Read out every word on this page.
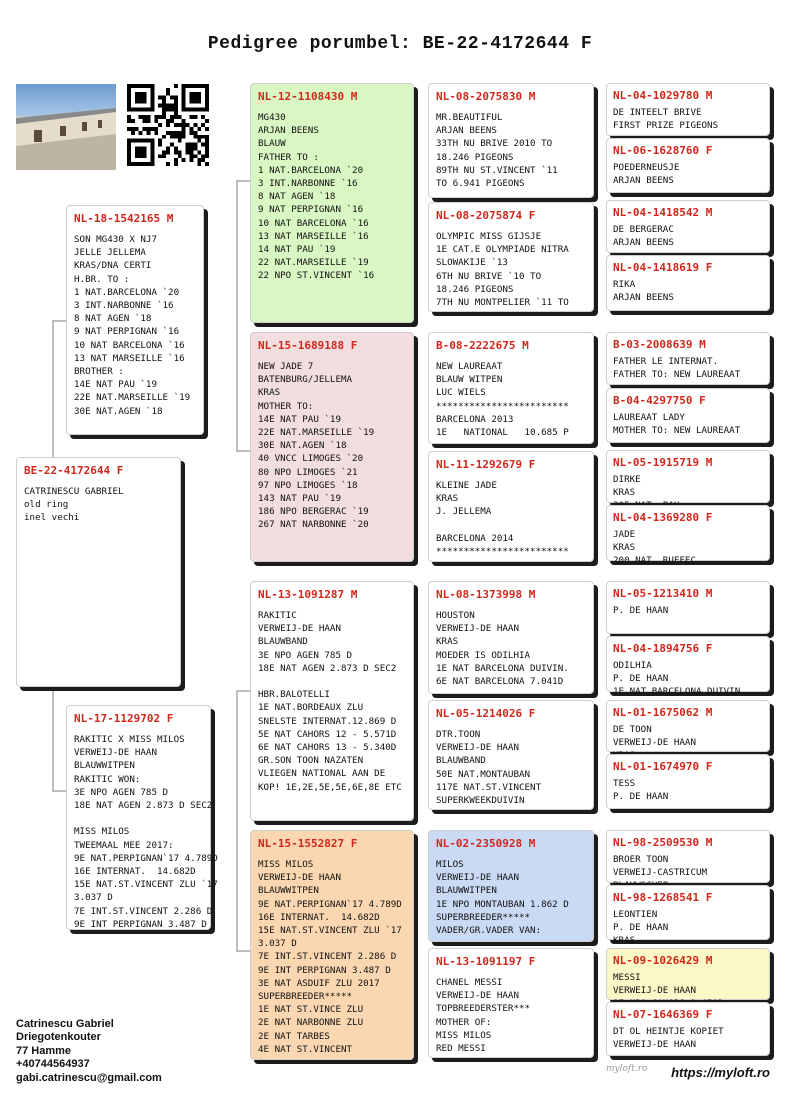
Pedigree porumbel: BE-22-4172644 F
BE-22-4172644 F
CATRINESCU GABRIEL
old ring
inel vechi
NL-18-1542165 M
SON MG430 X NJ7
JELLE JELLEMA
KRAS/DNA CERTI
H.BR. TO :
1 NAT.BARCELONA `20
3 INT.NARBONNE `16
8 NAT AGEN `18
9 NAT PERPIGNAN `16
10 NAT BARCELONA `16
13 NAT MARSEILLE `16
BROTHER :
14E NAT PAU `19
22E NAT.MARSEILLE `19
30E NAT.AGEN `18
NL-17-1129702 F
RAKITIC X MISS MILOS
VERWEIJ-DE HAAN
BLAUWWITPEN
RAKITIC WON:
3E NPO AGEN 785 D
18E NAT AGEN 2.873 D SEC2

MISS MILOS
TWEEMAAL MEE 2017:
9E NAT.PERPIGNAN`17 4.789D
16E INTERNAT.  14.682D
15E NAT.ST.VINCENT ZLU `17
3.037 D
7E INT.ST.VINCENT 2.286 D
9E INT PERPIGNAN 3.487 D
NL-12-1108430 M
MG430
ARJAN BEENS
BLAUW
FATHER TO :
1 NAT.BARCELONA `20
3 INT.NARBONNE `16
8 NAT AGEN `18
9 NAT PERPIGNAN `16
10 NAT BARCELONA `16
13 NAT MARSEILLE `16
14 NAT PAU `19
22 NAT.MARSEILLE `19
22 NPO ST.VINCENT `16
NL-15-1689188 F
NEW JADE 7
BATENBURG/JELLEMA
KRAS
MOTHER TO:
14E NAT PAU `19
22E NAT.MARSEILLE `19
30E NAT.AGEN `18
40 VNCC LIMOGES `20
80 NPO LIMOGES `21
97 NPO LIMOGES `18
143 NAT PAU `19
186 NPO BERGERAC `19
267 NAT NARBONNE `20
NL-13-1091287 M
RAKITIC
VERWEIJ-DE HAAN
BLAUWBAND
3E NPO AGEN 785 D
18E NAT AGEN 2.873 D SEC2

HBR.BALOTELLI
1E NAT.BORDEAUX ZLU
SNELSTE INTERNAT.12.869 D
5E NAT CAHORS 12 - 5.571D
6E NAT CAHORS 13 - 5.340D
GR.SON TOON NAZATEN
VLIEGEN NATIONAL AAN DE
KOP! 1E,2E,5E,5E,6E,8E ETC
NL-15-1552827 F
MISS MILOS
VERWEIJ-DE HAAN
BLAUWWITPEN
9E NAT.PERPIGNAN`17 4.789D
16E INTERNAT.  14.682D
15E NAT.ST.VINCENT ZLU `17
3.037 D
7E INT.ST.VINCENT 2.286 D
9E INT PERPIGNAN 3.487 D
3E NAT ASDUIF ZLU 2017
SUPERBREEDER*****
1E NAT ST.VINCE ZLU
2E NAT NARBONNE ZLU
2E NAT TARBES
4E NAT ST.VINCENT
NL-08-2075830 M
MR.BEAUTIFUL
ARJAN BEENS
33TH NU BRIVE 2010 TO
18.246 PIGEONS
89TH NU ST.VINCENT `11
TO 6.941 PIGEONS
NL-08-2075874 F
OLYMPIC MISS GIJSJE
1E CAT.E OLYMPIADE NITRA
SLOWAKIJE `13
6TH NU BRIVE `10 TO
18.246 PIGEONS
7TH NU MONTPELIER `11 TO
B-08-2222675 M
NEW LAUREAAT
BLAUW WITPEN
LUC WIELS
************************
BARCELONA 2013
1E   NATIONAL   10.685 P
NL-11-1292679 F
KLEINE JADE
KRAS
J. JELLEMA

BARCELONA 2014
************************
NL-08-1373998 M
HOUSTON
VERWEIJ-DE HAAN
KRAS
MOEDER IS ODILHIA
1E NAT BARCELONA DUIVIN.
6E NAT BARCELONA 7.041D
NL-05-1214026 F
DTR.TOON
VERWEIJ-DE HAAN
BLAUWBAND
50E NAT.MONTAUBAN
117E NAT.ST.VINCENT
SUPERKWEEKDUIVIN
NL-02-2350928 M
MILOS
VERWEIJ-DE HAAN
BLAUWWITPEN
1E NPO MONTAUBAN 1.862 D
SUPERBREEDER*****
VADER/GR.VADER VAN:
NL-13-1091197 F
CHANEL MESSI
VERWEIJ-DE HAAN
TOPBREEDERSTER***
MOTHER OF:
MISS MILOS
RED MESSI
NL-04-1029780 M
DE INTEELT BRIVE
FIRST PRIZE PIGEONS
NL-06-1628760 F
POEDERNEUSJE
ARJAN BEENS
NL-04-1418542 M
DE BERGERAC
ARJAN BEENS
NL-04-1418619 F
RIKA
ARJAN BEENS
B-03-2008639 M
FATHER LE INTERNAT.
FATHER TO: NEW LAUREAAT
B-04-4297750 F
LAUREAAT LADY
MOTHER TO: NEW LAUREAAT
NL-05-1915719 M
DIRKE
KRAS

NL-04-1369280 F
JADE
KRAS
200 NAT. RUFFEC
NL-05-1213410 M
P. DE HAAN
NL-04-1894756 F
ODILHIA
P. DE HAAN
1E NAT.BARCELONA DUIVIN
NL-01-1675062 M
DE TOON
VERWEIJ-DE HAAN

NL-01-1674970 F
TESS
P. DE HAAN
NL-98-2509530 M
BROER TOON
VERWEIJ-CASTRICUM

NL-98-1268541 F
LEONTIEN
P. DE HAAN
KRAS
NL-09-1026429 M
MESSI
VERWEIJ-DE HAAN

NL-07-1646369 F
DT OL HEINTJE KOPIET
VERWEIJ-DE HAAN
Catrinescu Gabriel
Driegotenkouter
77 Hamme
+40744564937
gabi.catrinescu@gmail.com
myloft.ro https://myloft.ro
